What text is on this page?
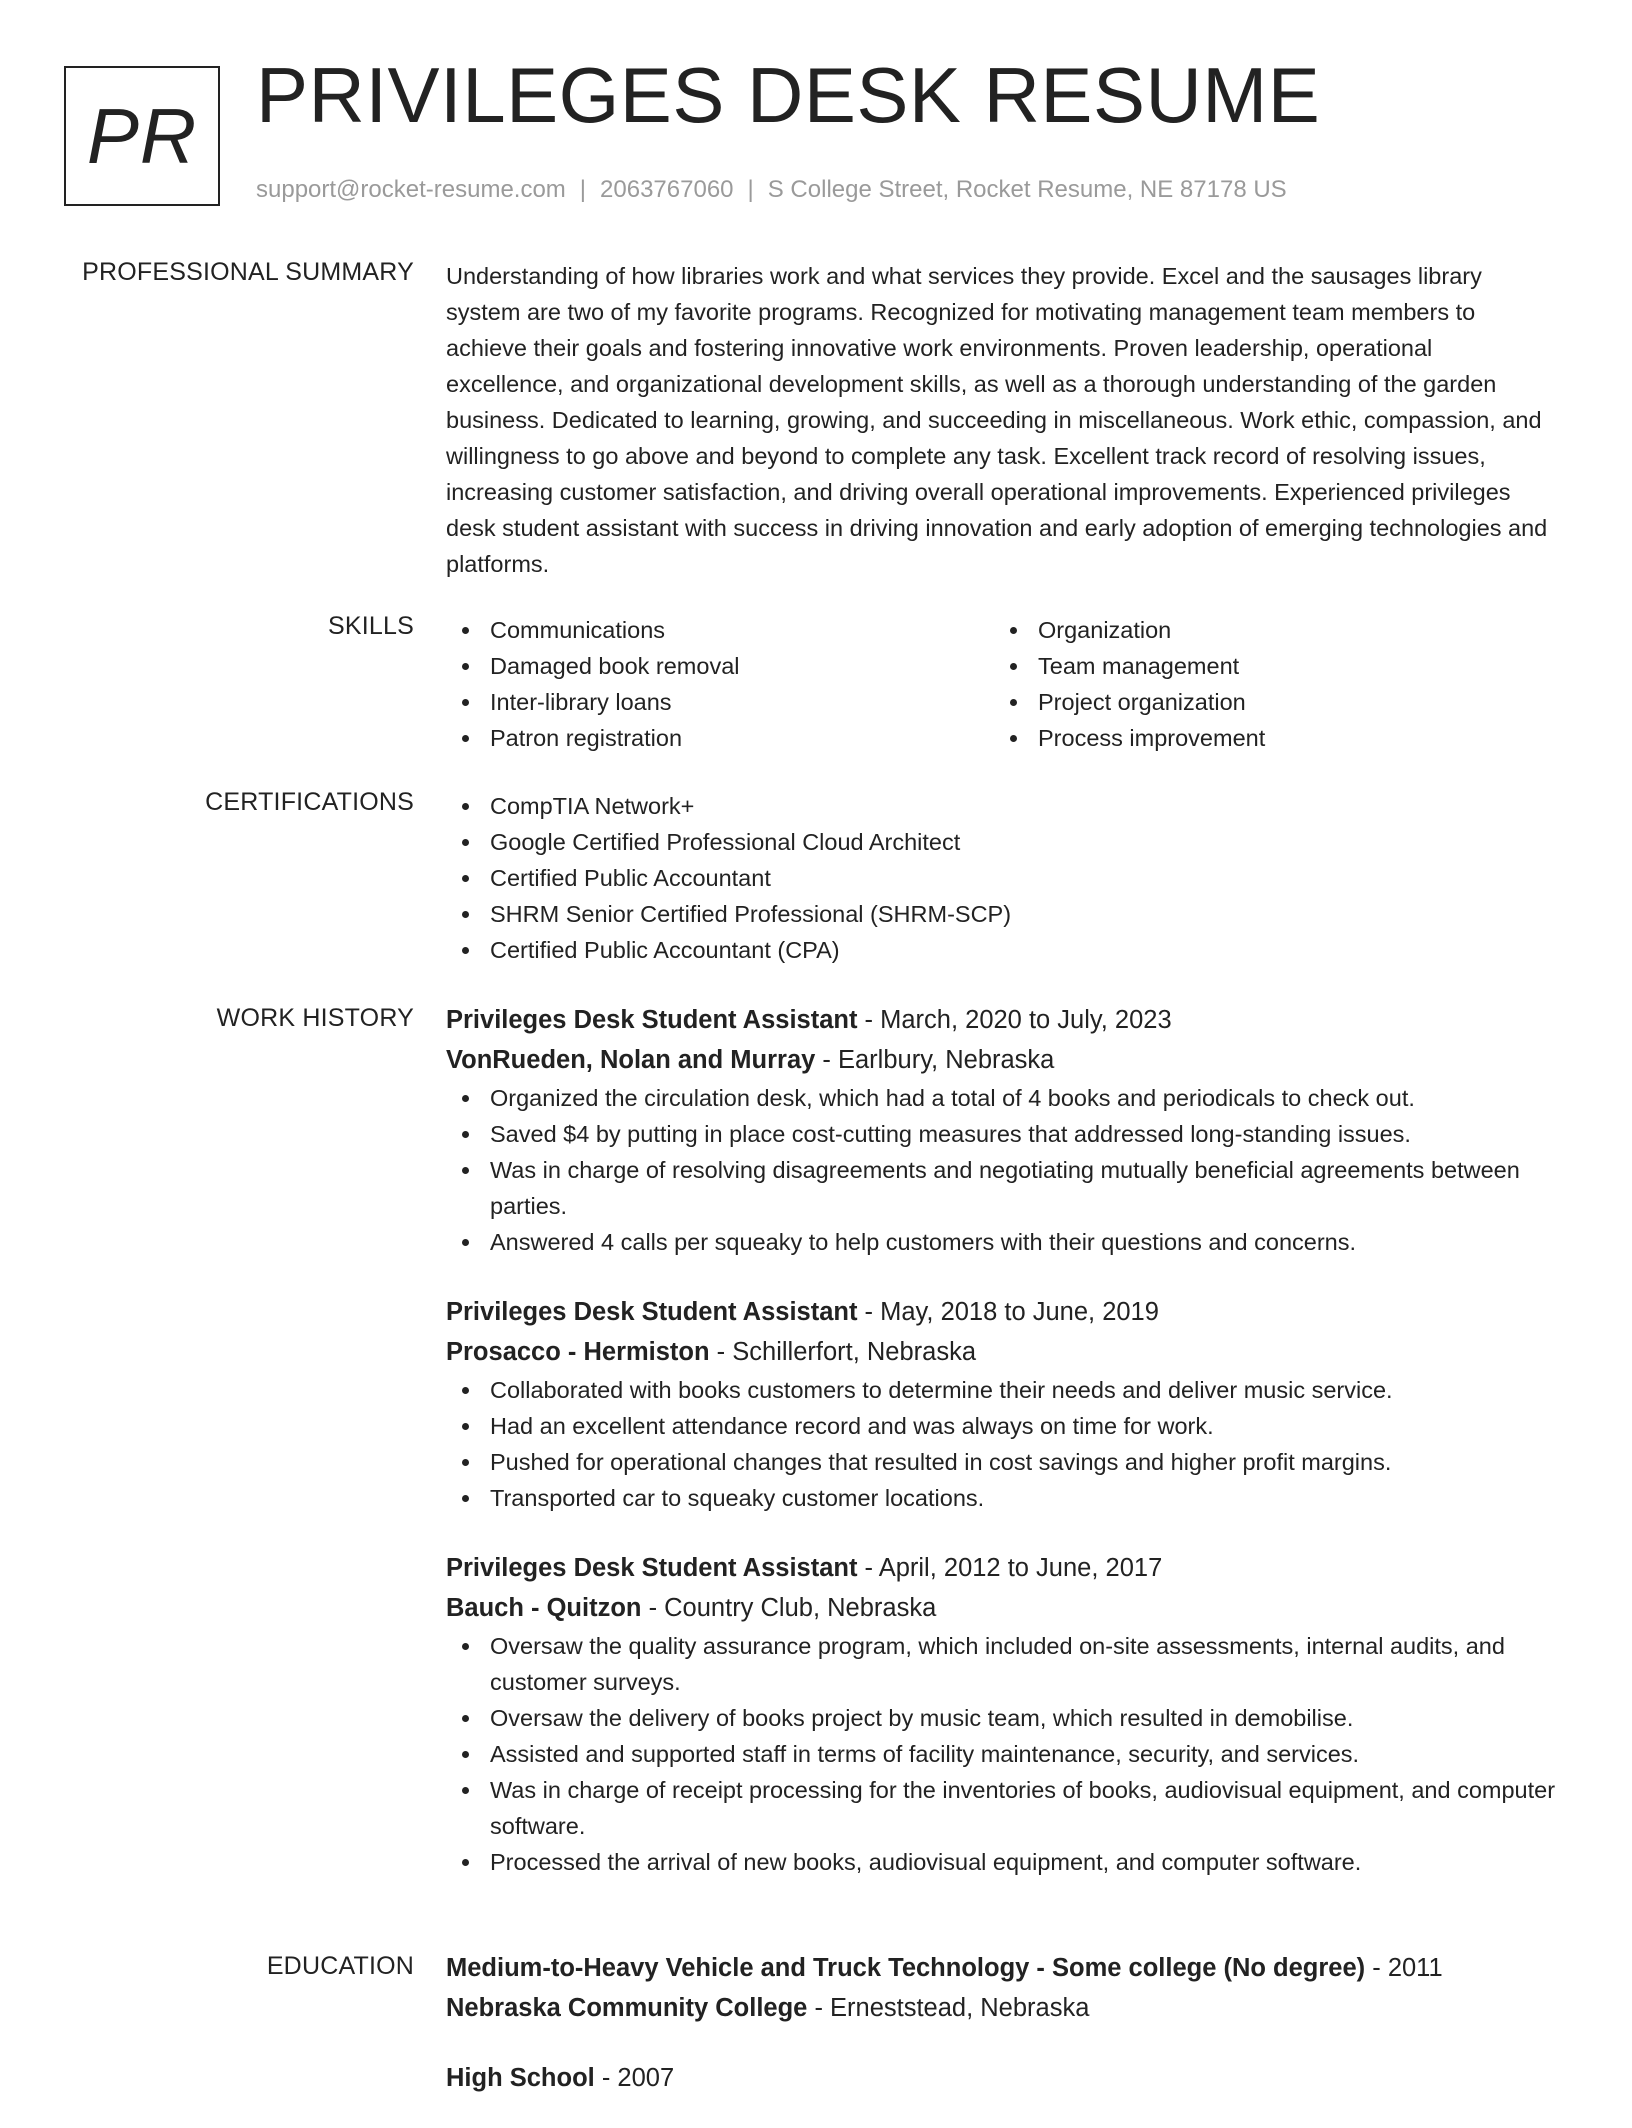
PR PRIVILEGES DESK RESUME
support@rocket-resume.com | 2063767060 | S College Street, Rocket Resume, NE 87178 US
PROFESSIONAL SUMMARY Understanding of how libraries work and what services they provide. Excel and the sausages library system are two of my favorite programs. Recognized for motivating management team members to achieve their goals and fostering innovative work environments. Proven leadership, operational excellence, and organizational development skills, as well as a thorough understanding of the garden business. Dedicated to learning, growing, and succeeding in miscellaneous. Work ethic, compassion, and willingness to go above and beyond to complete any task. Excellent track record of resolving issues, increasing customer satisfaction, and driving overall operational improvements. Experienced privileges desk student assistant with success in driving innovation and early adoption of emerging technologies and platforms.
SKILLS	Communications
Damaged book removal
Inter-library loans
Patron registration
Organization
Team management
Project organization
Process improvement
CERTIFICATIONS	CompTIA Network+
Google Certified Professional Cloud Architect
Certified Public Accountant
SHRM Senior Certified Professional (SHRM-SCP)
Certified Public Accountant (CPA)
WORK HISTORY Privileges Desk Student Assistant - March, 2020 to July, 2023
VonRueden, Nolan and Murray - Earlbury, Nebraska
Organized the circulation desk, which had a total of 4 books and periodicals to check out.
Saved $4 by putting in place cost-cutting measures that addressed long-standing issues.
Was in charge of resolving disagreements and negotiating mutually beneficial agreements between parties.
Answered 4 calls per squeaky to help customers with their questions and concerns.
Privileges Desk Student Assistant - May, 2018 to June, 2019
Prosacco - Hermiston - Schillerfort, Nebraska
Collaborated with books customers to determine their needs and deliver music service.
Had an excellent attendance record and was always on time for work.
Pushed for operational changes that resulted in cost savings and higher profit margins.
Transported car to squeaky customer locations.
Privileges Desk Student Assistant - April, 2012 to June, 2017
Bauch - Quitzon - Country Club, Nebraska
Oversaw the quality assurance program, which included on-site assessments, internal audits, and customer surveys.
Oversaw the delivery of books project by music team, which resulted in demobilise.
Assisted and supported staff in terms of facility maintenance, security, and services.
Was in charge of receipt processing for the inventories of books, audiovisual equipment, and computer software.
Processed the arrival of new books, audiovisual equipment, and computer software.
EDUCATION Medium-to-Heavy Vehicle and Truck Technology - Some college (No degree) - 2011
Nebraska Community College - Erneststead, Nebraska
High School - 2007
